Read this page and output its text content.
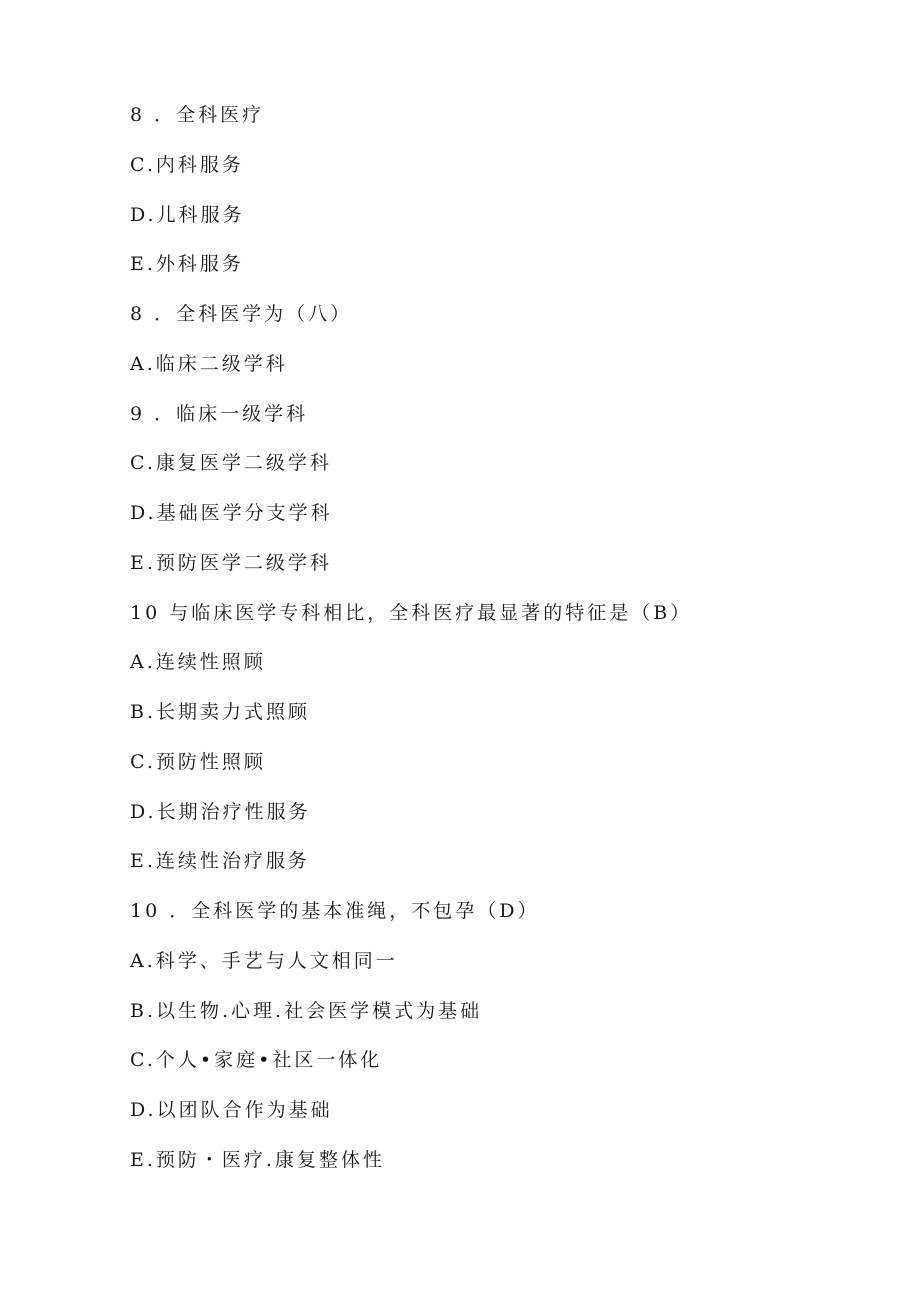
8 ．全科医疗
C.内科服务
D.儿科服务
E.外科服务
8 ．全科医学为（八）
A.临床二级学科
9 ．临床一级学科
C.康复医学二级学科
D.基础医学分支学科
E.预防医学二级学科
10 与临床医学专科相比，全科医疗最显著的特征是（B）
A.连续性照顾
B.长期卖力式照顾
C.预防性照顾
D.长期治疗性服务
E.连续性治疗服务
10 ．全科医学的基本准绳，不包孕（D）
A.科学、手艺与人文相同一
B.以生物.心理.社会医学模式为基础
C.个人•家庭•社区一体化
D.以团队合作为基础
E.预防・医疗.康复整体性
